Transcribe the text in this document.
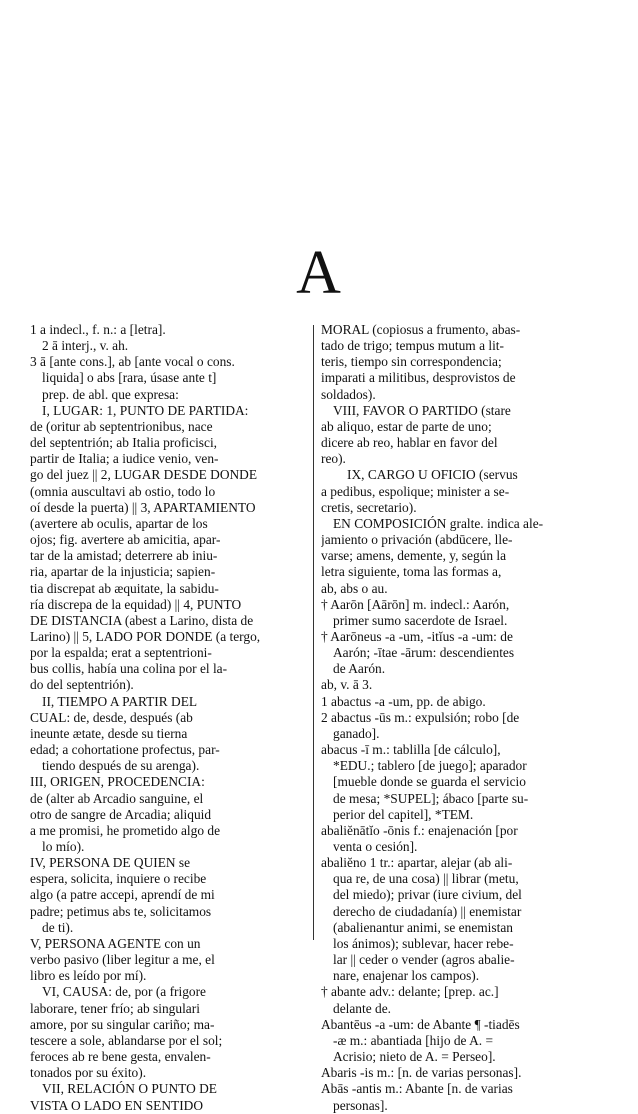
A
1 a indecl., f. n.: a [letra].
2 ā interj., v. ah.
3 ā [ante cons.], ab [ante vocal o cons.
liquida] o abs [rara, úsase ante t]
prep. de abl. que expresa:
I, LUGAR: 1, PUNTO DE PARTIDA:
de (oritur ab septentrionibus, nace
del septentrión; ab Italia proficisci,
partir de Italia; a iudice venio, ven-
go del juez || 2, LUGAR DESDE DONDE
(omnia auscultavi ab ostio, todo lo
oí desde la puerta) || 3, APARTAMIENTO
(avertere ab oculis, apartar de los
ojos; fig. avertere ab amicitia, apar-
tar de la amistad; deterrere ab iniu-
ria, apartar de la injusticia; sapien-
tia discrepat ab æquitate, la sabidu-
ría discrepa de la equidad) || 4, PUNTO
DE DISTANCIA (abest a Larino, dista de
Larino) || 5, LADO POR DONDE (a tergo,
por la espalda; erat a septentrioni-
bus collis, había una colina por el la-
do del septentrión).
II, TIEMPO A PARTIR DEL
CUAL: de, desde, después (ab
ineunte ætate, desde su tierna
edad; a cohortatione profectus, par-
tiendo después de su arenga).
III, ORIGEN, PROCEDENCIA:
de (alter ab Arcadio sanguine, el
otro de sangre de Arcadia; aliquid
a me promisi, he prometido algo de
lo mío).
IV, PERSONA DE QUIEN se
espera, solicita, inquiere o recibe
algo (a patre accepi, aprendí de mi
padre; petimus abs te, solicitamos
de ti).
V, PERSONA AGENTE con un
verbo pasivo (liber legitur a me, el
libro es leído por mí).
VI, CAUSA: de, por (a frigore
laborare, tener frío; ab singulari
amore, por su singular cariño; ma-
tescere a sole, ablandarse por el sol;
feroces ab re bene gesta, envalen-
tonados por su éxito).
VII, RELACIÓN O PUNTO DE
VISTA O LADO EN SENTIDO
MORAL (copiosus a frumento, abas-
tado de trigo; tempus mutum a lit-
teris, tiempo sin correspondencia;
imparati a militibus, desprovistos de
soldados).
VIII, FAVOR O PARTIDO (stare
ab aliquo, estar de parte de uno;
dicere ab reo, hablar en favor del
reo).
IX, CARGO U OFICIO (servus
a pedibus, espolique; minister a se-
cretis, secretario).
EN COMPOSICIÓN gralte. indica ale-
jamiento o privación (abdūcere, lle-
varse; amens, demente, y, según la
letra siguiente, toma las formas a,
ab, abs o au.
† Aarōn [Aārōn] m. indecl.: Aarón,
primer sumo sacerdote de Israel.
† Aarōneus -a -um, -itĭus -a -um: de
Aarón; -ītae -ārum: descendientes
de Aarón.
ab, v. ā 3.
1 abactus -a -um, pp. de abigo.
2 abactus -ūs m.: expulsión; robo [de
ganado].
abacus -ī m.: tablilla [de cálculo],
*EDU.; tablero [de juego]; aparador
[mueble donde se guarda el servicio
de mesa; *SUPEL]; ábaco [parte su-
perior del capitel], *TEM.
abaliĕnātĭo -ōnis f.: enajenación [por
venta o cesión].
abaliĕno 1 tr.: apartar, alejar (ab ali-
qua re, de una cosa) || librar (metu,
del miedo); privar (iure civium, del
derecho de ciudadanía) || enemistar
(abalienantur animi, se enemistan
los ánimos); sublevar, hacer rebe-
lar || ceder o vender (agros abalie-
nare, enajenar los campos).
† abante adv.: delante; [prep. ac.]
delante de.
Abantēus -a -um: de Abante ¶ -tiadēs
-æ m.: abantiada [hijo de A. =
Acrisio; nieto de A. = Perseo].
Abaris -is m.: [n. de varias personas].
Abās -antis m.: Abante [n. de varias
personas].
